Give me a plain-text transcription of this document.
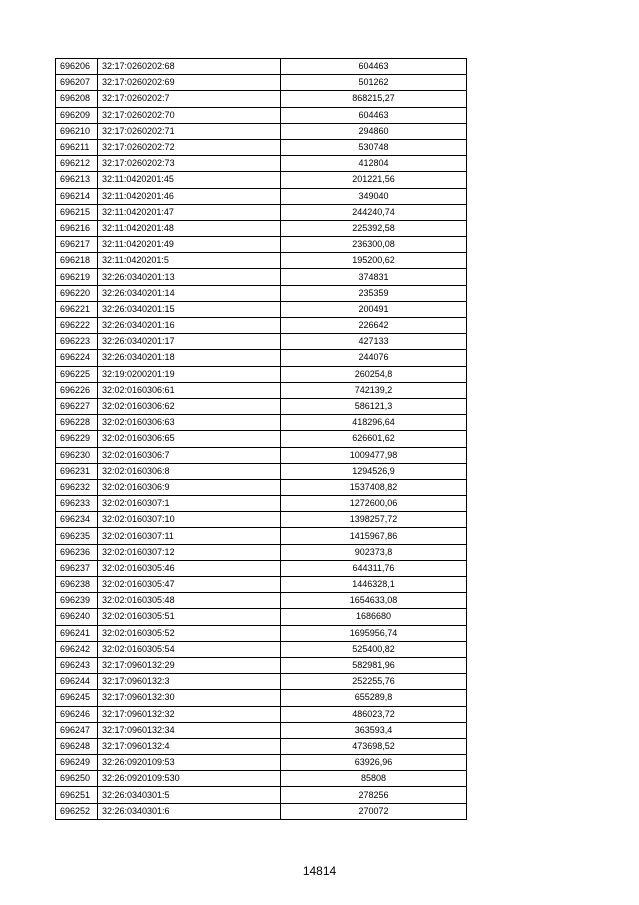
696206	32:17:0260202:68	604463
696207	32:17:0260202:69	501262
696208	32:17:0260202:7	868215,27
696209	32:17:0260202:70	604463
696210	32:17:0260202:71	294860
696211	32:17:0260202:72	530748
696212	32:17:0260202:73	412804
696213	32:11:0420201:45	201221,56
696214	32:11:0420201:46	349040
696215	32:11:0420201:47	244240,74
696216	32:11:0420201:48	225392,58
696217	32:11:0420201:49	236300,08
696218	32:11:0420201:5	195200,62
696219	32:26:0340201:13	374831
696220	32:26:0340201:14	235359
696221	32:26:0340201:15	200491
696222	32:26:0340201:16	226642
696223	32:26:0340201:17	427133
696224	32:26:0340201:18	244076
696225	32:19:0200201:19	260254,8
696226	32:02:0160306:61	742139,2
696227	32:02:0160306:62	586121,3
696228	32:02:0160306:63	418296,64
696229	32:02:0160306:65	626601,62
696230	32:02:0160306:7	1009477,98
696231	32:02:0160306:8	1294526,9
696232	32:02:0160306:9	1537408,82
696233	32:02:0160307:1	1272600,06
696234	32:02:0160307:10	1398257,72
696235	32:02:0160307:11	1415967,86
696236	32:02:0160307:12	902373,8
696237	32:02:0160305:46	644311,76
696238	32:02:0160305:47	1446328,1
696239	32:02:0160305:48	1654633,08
696240	32:02:0160305:51	1686680
696241	32:02:0160305:52	1695956,74
696242	32:02:0160305:54	525400,82
696243	32:17:0960132:29	582981,96
696244	32:17:0960132:3	252255,76
696245	32:17:0960132:30	655289,8
696246	32:17:0960132:32	486023,72
696247	32:17:0960132:34	363593,4
696248	32:17:0960132:4	473698,52
696249	32:26:0920109:53	63926,96
696250	32:26:0920109:530	85808
696251	32:26:0340301:5	278256
696252	32:26:0340301:6	270072
14814
